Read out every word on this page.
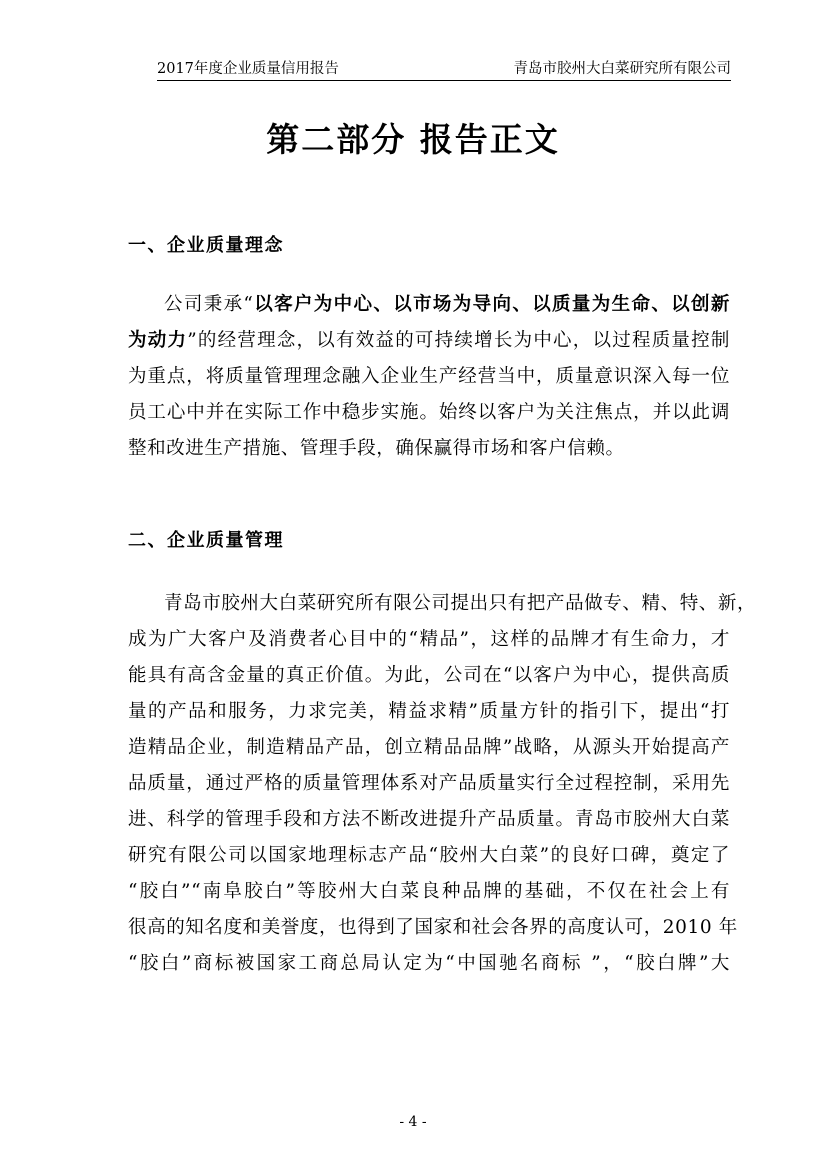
2017年度企业质量信用报告	青岛市胶州大白菜研究所有限公司
第二部分 报告正文
一、企业质量理念
公司秉承“以客户为中心、以市场为导向、以质量为生命、以创新
为动力”的经营理念，以有效益的可持续增长为中心，以过程质量控制
为重点，将质量管理理念融入企业生产经营当中，质量意识深入每一位
员工心中并在实际工作中稳步实施。始终以客户为关注焦点，并以此调
整和改进生产措施、管理手段，确保赢得市场和客户信赖。
二、企业质量管理
青岛市胶州大白菜研究所有限公司提出只有把产品做专、精、特、新，
成为广大客户及消费者心目中的“精品”，这样的品牌才有生命力，才
能具有高含金量的真正价值。为此，公司在“以客户为中心，提供高质
量的产品和服务，力求完美，精益求精”质量方针的指引下，提出“打
造精品企业，制造精品产品，创立精品品牌”战略，从源头开始提高产
品质量，通过严格的质量管理体系对产品质量实行全过程控制，采用先
进、科学的管理手段和方法不断改进提升产品质量。青岛市胶州大白菜
研究有限公司以国家地理标志产品“胶州大白菜”的良好口碑，奠定了
“胶白”“南阜胶白”等胶州大白菜良种品牌的基础，不仅在社会上有
很高的知名度和美誉度，也得到了国家和社会各界的高度认可，2010 年
“胶白”商标被国家工商总局认定为“中国驰名商标 ”，“胶白牌”大
- 4 -
